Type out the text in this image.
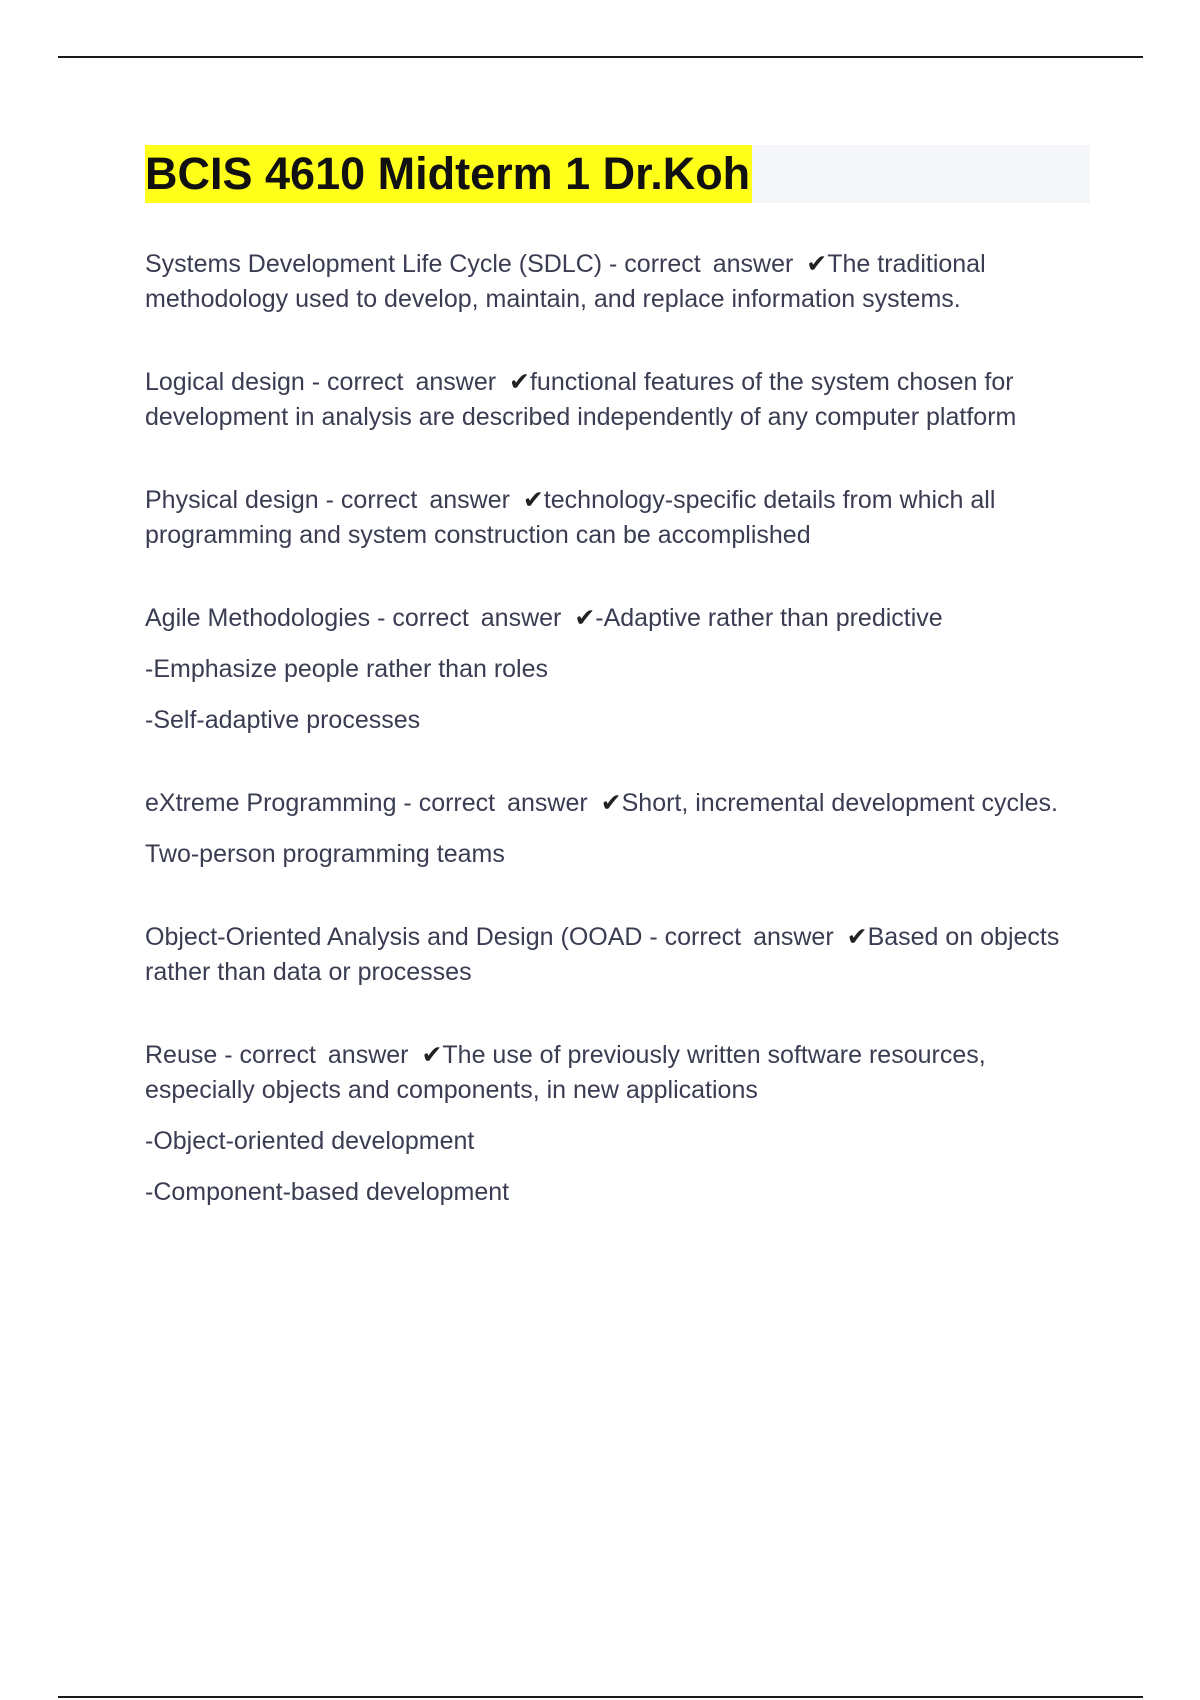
BCIS 4610 Midterm 1 Dr.Koh

Systems Development Life Cycle (SDLC) - correct answer ✔The traditional methodology used to develop, maintain, and replace information systems.

Logical design - correct answer ✔functional features of the system chosen for development in analysis are described independently of any computer platform

Physical design - correct answer ✔technology-specific details from which all programming and system construction can be accomplished

Agile Methodologies - correct answer ✔-Adaptive rather than predictive

-Emphasize people rather than roles

-Self-adaptive processes

eXtreme Programming - correct answer ✔Short, incremental development cycles.

Two-person programming teams

Object-Oriented Analysis and Design (OOAD - correct answer ✔Based on objects rather than data or processes

Reuse - correct answer ✔The use of previously written software resources, especially objects and components, in new applications

-Object-oriented development

-Component-based development
